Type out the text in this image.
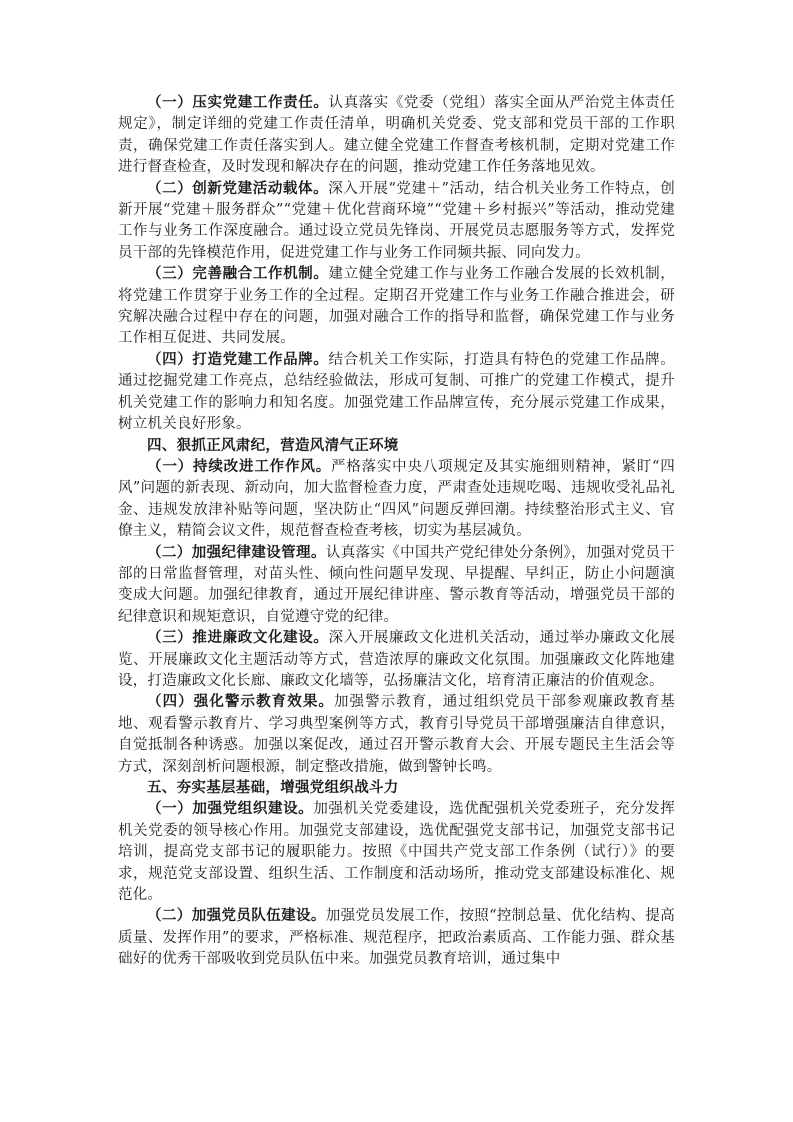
（一）压实党建工作责任。认真落实《党委（党组）落实全面从严治党主体责任规定》，制定详细的党建工作责任清单，明确机关党委、党支部和党员干部的工作职责，确保党建工作责任落实到人。建立健全党建工作督查考核机制，定期对党建工作进行督查检查，及时发现和解决存在的问题，推动党建工作任务落地见效。

（二）创新党建活动载体。深入开展“党建＋”活动，结合机关业务工作特点，创新开展“党建＋服务群众”“党建＋优化营商环境”“党建＋乡村振兴”等活动，推动党建工作与业务工作深度融合。通过设立党员先锋岗、开展党员志愿服务等方式，发挥党员干部的先锋模范作用，促进党建工作与业务工作同频共振、同向发力。

（三）完善融合工作机制。建立健全党建工作与业务工作融合发展的长效机制，将党建工作贯穿于业务工作的全过程。定期召开党建工作与业务工作融合推进会，研究解决融合过程中存在的问题，加强对融合工作的指导和监督，确保党建工作与业务工作相互促进、共同发展。

（四）打造党建工作品牌。结合机关工作实际，打造具有特色的党建工作品牌。通过挖掘党建工作亮点，总结经验做法，形成可复制、可推广的党建工作模式，提升机关党建工作的影响力和知名度。加强党建工作品牌宣传，充分展示党建工作成果，树立机关良好形象。

四、狠抓正风肃纪，营造风清气正环境

（一）持续改进工作作风。严格落实中央八项规定及其实施细则精神，紧盯“四风”问题的新表现、新动向，加大监督检查力度，严肃查处违规吃喝、违规收受礼品礼金、违规发放津补贴等问题，坚决防止“四风”问题反弹回潮。持续整治形式主义、官僚主义，精简会议文件，规范督查检查考核，切实为基层减负。

（二）加强纪律建设管理。认真落实《中国共产党纪律处分条例》，加强对党员干部的日常监督管理，对苗头性、倾向性问题早发现、早提醒、早纠正，防止小问题演变成大问题。加强纪律教育，通过开展纪律讲座、警示教育等活动，增强党员干部的纪律意识和规矩意识，自觉遵守党的纪律。

（三）推进廉政文化建设。深入开展廉政文化进机关活动，通过举办廉政文化展览、开展廉政文化主题活动等方式，营造浓厚的廉政文化氛围。加强廉政文化阵地建设，打造廉政文化长廊、廉政文化墙等，弘扬廉洁文化，培育清正廉洁的价值观念。

（四）强化警示教育效果。加强警示教育，通过组织党员干部参观廉政教育基地、观看警示教育片、学习典型案例等方式，教育引导党员干部增强廉洁自律意识，自觉抵制各种诱惑。加强以案促改，通过召开警示教育大会、开展专题民主生活会等方式，深刻剖析问题根源，制定整改措施，做到警钟长鸣。

五、夯实基层基础，增强党组织战斗力

（一）加强党组织建设。加强机关党委建设，选优配强机关党委班子，充分发挥机关党委的领导核心作用。加强党支部建设，选优配强党支部书记，加强党支部书记培训，提高党支部书记的履职能力。按照《中国共产党支部工作条例（试行）》的要求，规范党支部设置、组织生活、工作制度和活动场所，推动党支部建设标准化、规范化。

（二）加强党员队伍建设。加强党员发展工作，按照“控制总量、优化结构、提高质量、发挥作用”的要求，严格标准、规范程序，把政治素质高、工作能力强、群众基础好的优秀干部吸收到党员队伍中来。加强党员教育培训，通过集中
